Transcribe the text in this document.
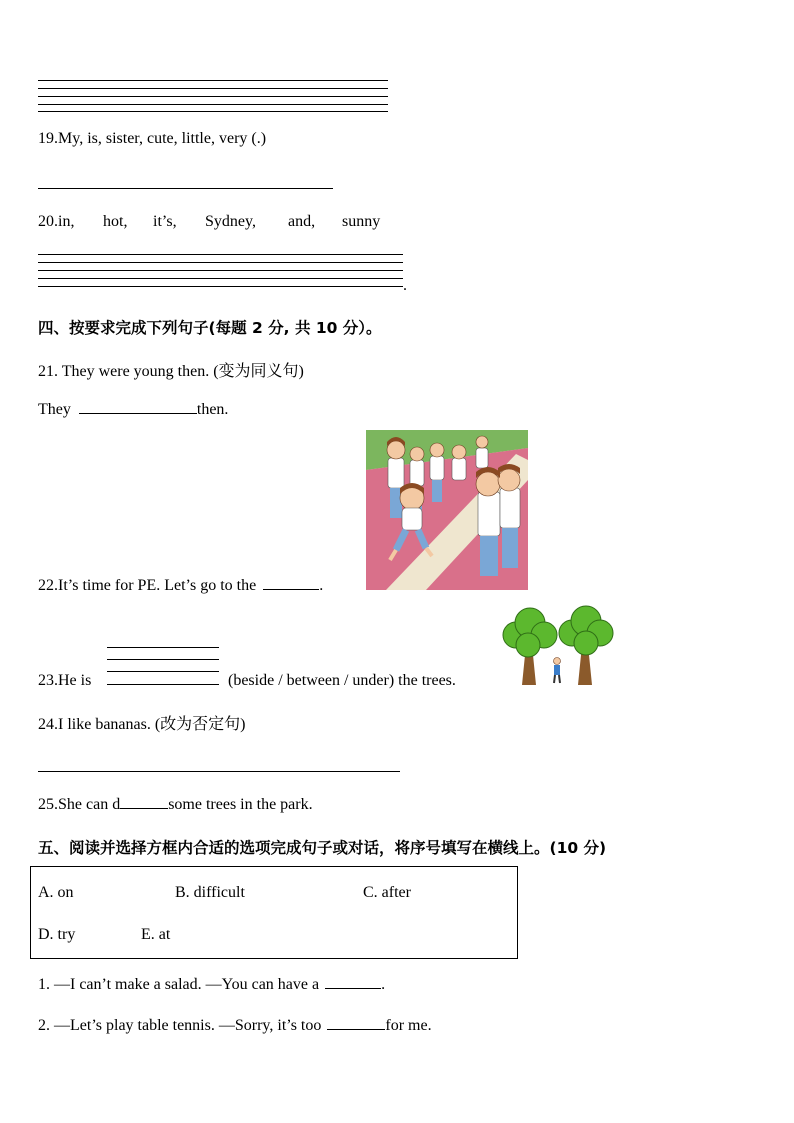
19.My, is, sister, cute, little, very (.)
20.in, hot, it’s, Sydney, and, sunny
.
四、按要求完成下列句子(每题 2 分, 共 10 分）。
21. They were young then. (变为同义句)
They	then.
22.It’s time for PE. Let’s go to the	.
23.He is	(beside / between / under) the trees.
24.I like bananas. (改为否定句)
25.She can d	some trees in the park.
五、阅读并选择方框内合适的选项完成句子或对话，将序号填写在横线上。(10 分)
A. on	B. difficult	C. after
D. try	E. at
1. —I can’t make a salad. —You can have a	.
2. —Let’s play table tennis. —Sorry, it’s too	for me.
